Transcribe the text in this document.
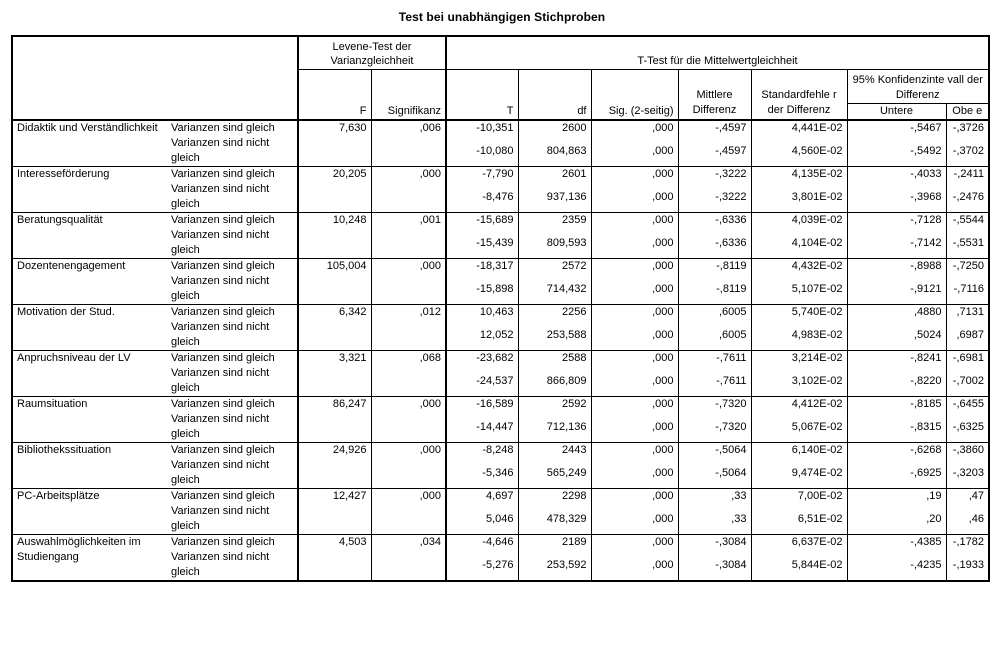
Test bei unabhängigen Stichproben
		Levene-Test der Varianzgleichheit		T-Test für die Mittelwertgleichheit						
		F	Signifikanz	T	df	Sig. (2-seitig)	Mittlere Differenz	Standardfehle r der Differenz	95% Konfidenzinte vall der Differenz	
									Untere	Obe e
Didaktik und Verständlichkeit	Varianzen sind gleich	7,630	,006	-10,351	2600	,000	-,4597	4,441E-02	-,5467	-,3726
	Varianzen sind nicht gleich			-10,080	804,863	,000	-,4597	4,560E-02	-,5492	-,3702
Interesseförderung	Varianzen sind gleich	20,205	,000	-7,790	2601	,000	-,3222	4,135E-02	-,4033	-,2411
	Varianzen sind nicht gleich			-8,476	937,136	,000	-,3222	3,801E-02	-,3968	-,2476
Beratungsqualität	Varianzen sind gleich	10,248	,001	-15,689	2359	,000	-,6336	4,039E-02	-,7128	-,5544
	Varianzen sind nicht gleich			-15,439	809,593	,000	-,6336	4,104E-02	-,7142	-,5531
Dozentenengagement	Varianzen sind gleich	105,004	,000	-18,317	2572	,000	-,8119	4,432E-02	-,8988	-,7250
	Varianzen sind nicht gleich			-15,898	714,432	,000	-,8119	5,107E-02	-,9121	-,7116
Motivation der Stud.	Varianzen sind gleich	6,342	,012	10,463	2256	,000	,6005	5,740E-02	,4880	,7131
	Varianzen sind nicht gleich			12,052	253,588	,000	,6005	4,983E-02	,5024	,6987
Anpruchsniveau der LV	Varianzen sind gleich	3,321	,068	-23,682	2588	,000	-,7611	3,214E-02	-,8241	-,6981
	Varianzen sind nicht gleich			-24,537	866,809	,000	-,7611	3,102E-02	-,8220	-,7002
Raumsituation	Varianzen sind gleich	86,247	,000	-16,589	2592	,000	-,7320	4,412E-02	-,8185	-,6455
	Varianzen sind nicht gleich			-14,447	712,136	,000	-,7320	5,067E-02	-,8315	-,6325
Bibliothekssituation	Varianzen sind gleich	24,926	,000	-8,248	2443	,000	-,5064	6,140E-02	-,6268	-,3860
	Varianzen sind nicht gleich			-5,346	565,249	,000	-,5064	9,474E-02	-,6925	-,3203
PC-Arbeitsplätze	Varianzen sind gleich	12,427	,000	4,697	2298	,000	,33	7,00E-02	,19	,47
	Varianzen sind nicht gleich			5,046	478,329	,000	,33	6,51E-02	,20	,46
Auswahlmöglichkeiten im Studiengang	Varianzen sind gleich	4,503	,034	-4,646	2189	,000	-,3084	6,637E-02	-,4385	-,1782
	Varianzen sind nicht gleich			-5,276	253,592	,000	-,3084	5,844E-02	-,4235	-,1933
